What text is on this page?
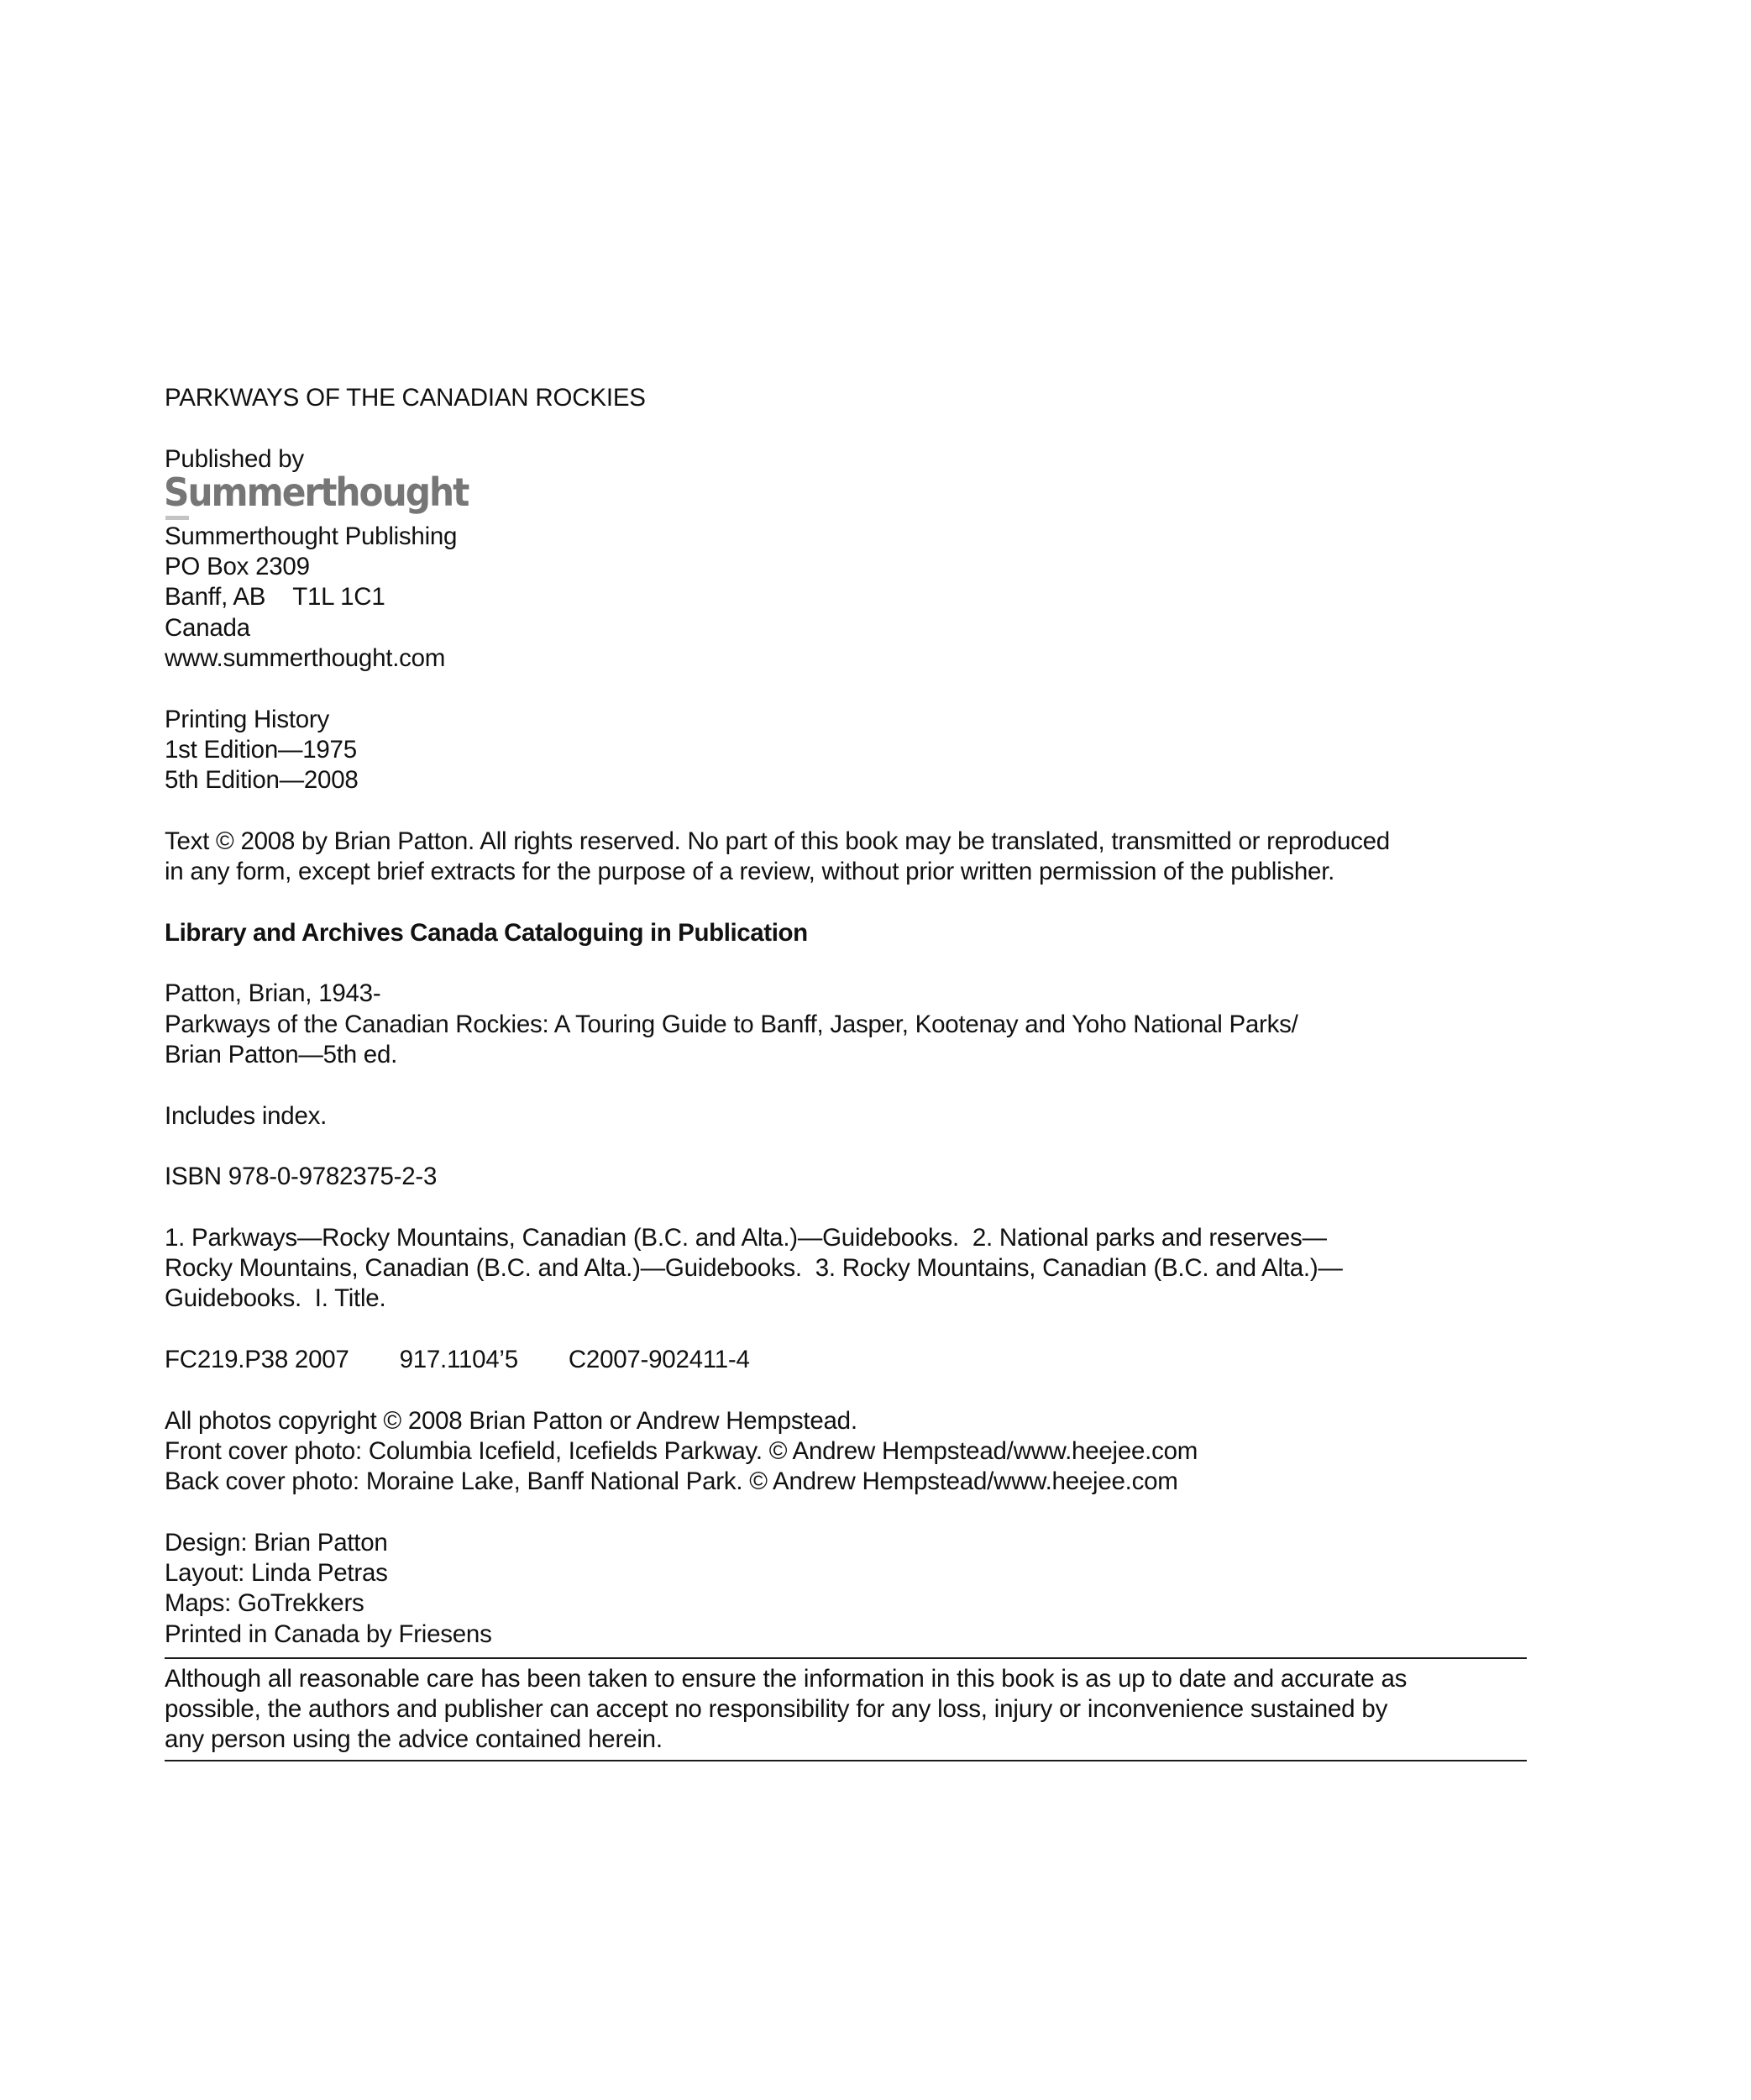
PARKWAYS OF THE CANADIAN ROCKIES
Published by
Summerthought
Summerthought Publishing
PO Box 2309
Banff, AB T1L 1C1
Canada
www.summerthought.com
Printing History
1st Edition—1975
5th Edition—2008
Text © 2008 by Brian Patton. All rights reserved. No part of this book may be translated, transmitted or reproduced
in any form, except brief extracts for the purpose of a review, without prior written permission of the publisher.
Library and Archives Canada Cataloguing in Publication
Patton, Brian, 1943-
Parkways of the Canadian Rockies: A Touring Guide to Banff, Jasper, Kootenay and Yoho National Parks/
Brian Patton—5th ed.
Includes index.
ISBN 978-0-9782375-2-3
1. Parkways—Rocky Mountains, Canadian (B.C. and Alta.)—Guidebooks.  2. National parks and reserves—
Rocky Mountains, Canadian (B.C. and Alta.)—Guidebooks.  3. Rocky Mountains, Canadian (B.C. and Alta.)—
Guidebooks.  I. Title.
FC219.P38 2007 917.1104’5 C2007-902411-4
All photos copyright © 2008 Brian Patton or Andrew Hempstead.
Front cover photo: Columbia Icefield, Icefields Parkway. © Andrew Hempstead/www.heejee.com
Back cover photo: Moraine Lake, Banff National Park. © Andrew Hempstead/www.heejee.com
Design: Brian Patton
Layout: Linda Petras
Maps: GoTrekkers
Printed in Canada by Friesens
Although all reasonable care has been taken to ensure the information in this book is as up to date and accurate as
possible, the authors and publisher can accept no responsibility for any loss, injury or inconvenience sustained by
any person using the advice contained herein.
